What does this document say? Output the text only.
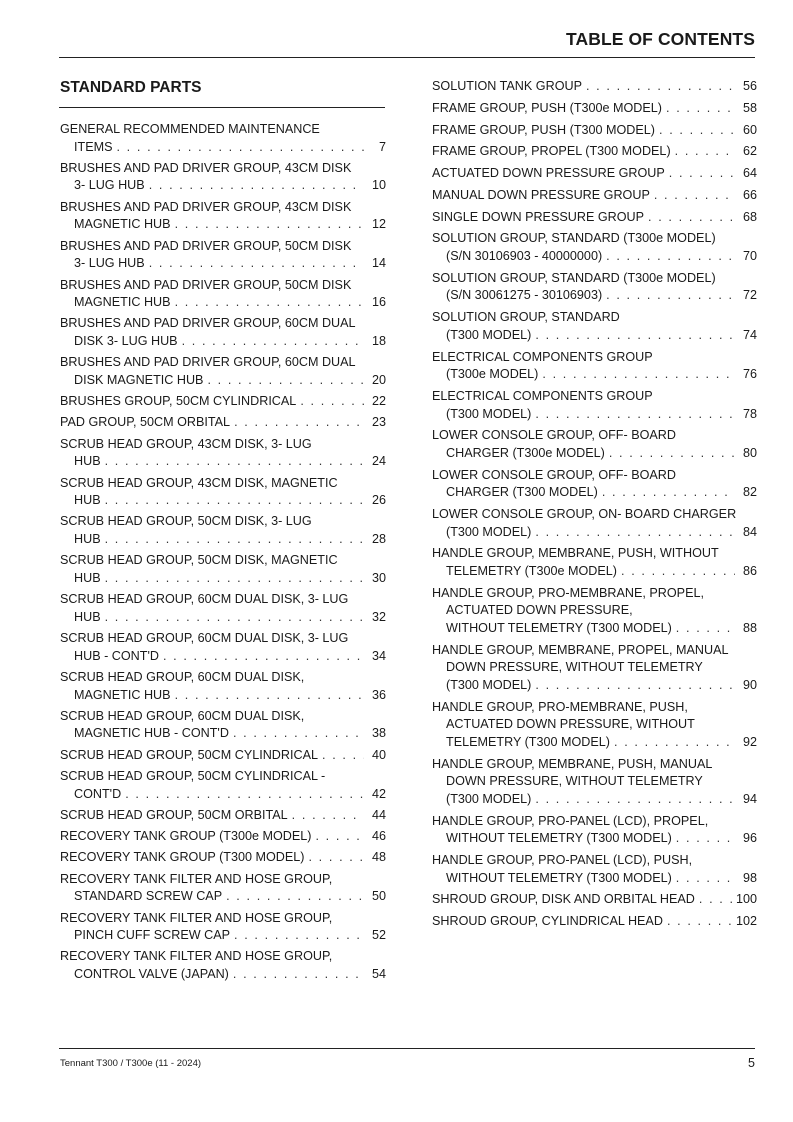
TABLE OF CONTENTS
STANDARD PARTS
GENERAL RECOMMENDED MAINTENANCE
ITEMS . . .	7
BRUSHES AND PAD DRIVER GROUP, 43CM DISK
3- LUG HUB . . .	10
BRUSHES AND PAD DRIVER GROUP, 43CM DISK
MAGNETIC HUB . . .	12
BRUSHES AND PAD DRIVER GROUP, 50CM DISK
3- LUG HUB . . .	14
BRUSHES AND PAD DRIVER GROUP, 50CM DISK
MAGNETIC HUB . . .	16
BRUSHES AND PAD DRIVER GROUP, 60CM DUAL
DISK 3- LUG HUB . . .	18
BRUSHES AND PAD DRIVER GROUP, 60CM DUAL
DISK MAGNETIC HUB . . .	20
BRUSHES GROUP, 50CM CYLINDRICAL . . .	22
PAD GROUP, 50CM ORBITAL . . .	23
SCRUB HEAD GROUP, 43CM DISK, 3- LUG
HUB . . .	24
SCRUB HEAD GROUP, 43CM DISK, MAGNETIC
HUB . . .	26
SCRUB HEAD GROUP, 50CM DISK, 3- LUG
HUB . . .	28
SCRUB HEAD GROUP, 50CM DISK, MAGNETIC
HUB . . .	30
SCRUB HEAD GROUP, 60CM DUAL DISK, 3- LUG
HUB . . .	32
SCRUB HEAD GROUP, 60CM DUAL DISK, 3- LUG
HUB - CONT'D . . .	34
SCRUB HEAD GROUP, 60CM DUAL DISK,
MAGNETIC HUB . . .	36
SCRUB HEAD GROUP, 60CM DUAL DISK,
MAGNETIC HUB - CONT'D . . .	38
SCRUB HEAD GROUP, 50CM CYLINDRICAL . . .	40
SCRUB HEAD GROUP, 50CM CYLINDRICAL -
CONT'D . . .	42
SCRUB HEAD GROUP, 50CM ORBITAL . . .	44
RECOVERY TANK GROUP (T300e MODEL) . . .	46
RECOVERY TANK GROUP (T300 MODEL) . . .	48
RECOVERY TANK FILTER AND HOSE GROUP,
STANDARD SCREW CAP . . .	50
RECOVERY TANK FILTER AND HOSE GROUP,
PINCH CUFF SCREW CAP . . .	52
RECOVERY TANK FILTER AND HOSE GROUP,
CONTROL VALVE (JAPAN) . . .	54
SOLUTION TANK GROUP . . .	56
FRAME GROUP, PUSH (T300e MODEL) . . .	58
FRAME GROUP, PUSH (T300 MODEL) . . .	60
FRAME GROUP, PROPEL (T300 MODEL) . . .	62
ACTUATED DOWN PRESSURE GROUP . . .	64
MANUAL DOWN PRESSURE GROUP . . .	66
SINGLE DOWN PRESSURE GROUP . . .	68
SOLUTION GROUP, STANDARD (T300e MODEL)
(S/N 30106903 - 40000000) . . .	70
SOLUTION GROUP, STANDARD (T300e MODEL)
(S/N 30061275 - 30106903) . . .	72
SOLUTION GROUP, STANDARD
(T300 MODEL) . . .	74
ELECTRICAL COMPONENTS GROUP
(T300e MODEL) . . .	76
ELECTRICAL COMPONENTS GROUP
(T300 MODEL) . . .	78
LOWER CONSOLE GROUP, OFF- BOARD
CHARGER (T300e MODEL) . . .	80
LOWER CONSOLE GROUP, OFF- BOARD
CHARGER (T300 MODEL) . . .	82
LOWER CONSOLE GROUP, ON- BOARD CHARGER
(T300 MODEL) . . .	84
HANDLE GROUP, MEMBRANE, PUSH, WITHOUT
TELEMETRY (T300e MODEL) . . .	86
HANDLE GROUP, PRO-MEMBRANE, PROPEL,
ACTUATED DOWN PRESSURE,
WITHOUT TELEMETRY (T300 MODEL) . . .	88
HANDLE GROUP, MEMBRANE, PROPEL, MANUAL
DOWN PRESSURE, WITHOUT TELEMETRY
(T300 MODEL) . . .	90
HANDLE GROUP, PRO-MEMBRANE, PUSH,
ACTUATED DOWN PRESSURE, WITHOUT
TELEMETRY (T300 MODEL) . . .	92
HANDLE GROUP, MEMBRANE, PUSH, MANUAL
DOWN PRESSURE, WITHOUT TELEMETRY
(T300 MODEL) . . .	94
HANDLE GROUP, PRO-PANEL (LCD), PROPEL,
WITHOUT TELEMETRY (T300 MODEL) . . .	96
HANDLE GROUP, PRO-PANEL (LCD), PUSH,
WITHOUT TELEMETRY (T300 MODEL) . . .	98
SHROUD GROUP, DISK AND ORBITAL HEAD . . .	100
SHROUD GROUP, CYLINDRICAL HEAD . . .	102
Tennant T300 / T300e (11 - 2024)	5
